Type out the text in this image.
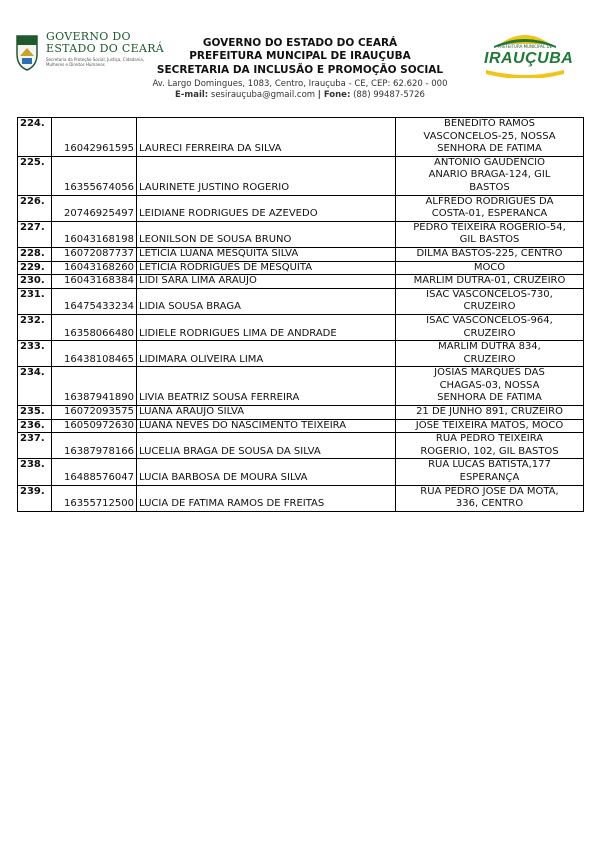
GOVERNO DO
ESTADO DO CEARÁ
Secretaria da Proteção Social, Justiça, Cidadania, Mulheres e Direitos Humanos
GOVERNO DO ESTADO DO CEARÁ
PREFEITURA MUNCIPAL DE IRAUÇUBA
SECRETARIA DA INCLUSÃO E PROMOÇÃO SOCIAL
Av. Largo Domingues, 1083, Centro, Irauçuba - CE, CEP: 62.620 - 000
E-mail: sesirauçuba@gmail.com | Fone: (88) 99487-5726
PREFEITURA MUNICIPAL DE
IRAUÇUBA
224.	16042961595	LAURECI FERREIRA DA SILVA	BENEDITO RAMOS
VASCONCELOS-25, NOSSA
SENHORA DE FATIMA

225.	16355674056	LAURINETE JUSTINO ROGERIO	ANTONIO GAUDENCIO
ANARIO BRAGA-124, GIL
BASTOS

226.	20746925497	LEIDIANE RODRIGUES DE AZEVEDO	ALFREDO RODRIGUES DA
COSTA-01, ESPERANCA

227.	16043168198	LEONILSON DE SOUSA BRUNO	PEDRO TEIXEIRA ROGERIO-54,
GIL BASTOS

228.	16072087737	LETICIA LUANA MESQUITA SILVA	DILMA BASTOS-225, CENTRO

229.	16043168260	LETICIA RODRIGUES DE MESQUITA	MOCO

230.	16043168384	LIDI SARA LIMA ARAUJO	MARLIM DUTRA-01, CRUZEIRO

231.	16475433234	LIDIA SOUSA BRAGA	ISAC VASCONCELOS-730,
CRUZEIRO

232.	16358066480	LIDIELE RODRIGUES LIMA DE ANDRADE	ISAC VASCONCELOS-964,
CRUZEIRO

233.	16438108465	LIDIMARA OLIVEIRA LIMA	MARLIM DUTRA 834,
CRUZEIRO

234.	16387941890	LIVIA BEATRIZ SOUSA FERREIRA	JOSIAS MARQUES DAS
CHAGAS-03, NOSSA
SENHORA DE FATIMA

235.	16072093575	LUANA ARAUJO SILVA	21 DE JUNHO 891, CRUZEIRO

236.	16050972630	LUANA NEVES DO NASCIMENTO TEIXEIRA	JOSE TEIXEIRA MATOS, MOCO

237.	16387978166	LUCELIA BRAGA DE SOUSA DA SILVA	RUA PEDRO TEIXEIRA
ROGERIO, 102, GIL BASTOS

238.	16488576047	LUCIA BARBOSA DE MOURA SILVA	RUA LUCAS BATISTA,177
ESPERANÇA

239.	16355712500	LUCIA DE FATIMA RAMOS DE FREITAS	RUA PEDRO JOSE DA MOTA,
336, CENTRO
